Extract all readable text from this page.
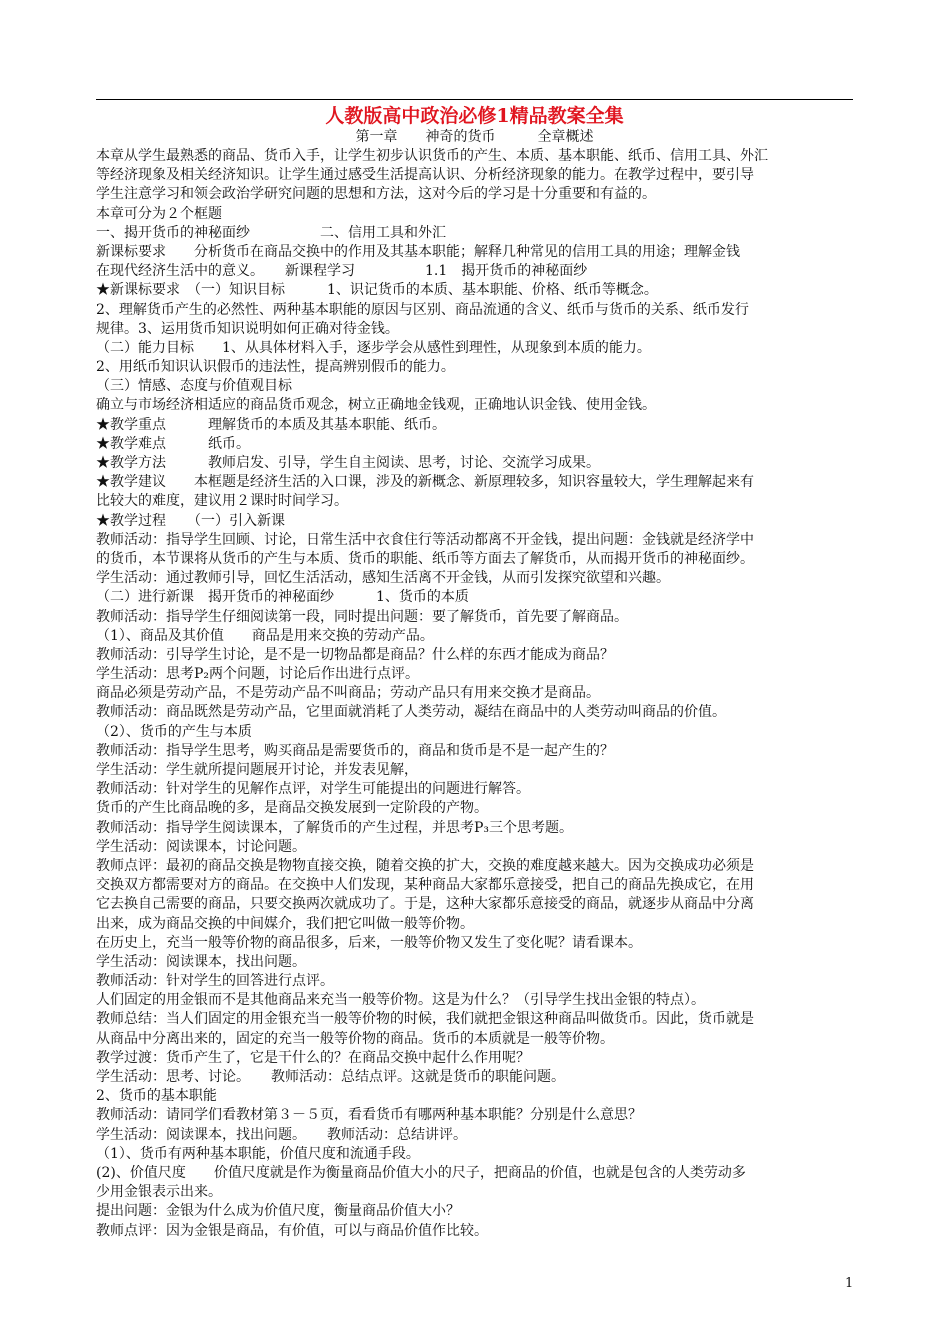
人教版高中政治必修1精品教案全集
第一章　　神奇的货币　　　全章概述
本章从学生最熟悉的商品、货币入手，让学生初步认识货币的产生、本质、基本职能、纸币、信用工具、外汇
等经济现象及相关经济知识。让学生通过感受生活提高认识、分析经济现象的能力。在教学过程中，要引导
学生注意学习和领会政治学研究问题的思想和方法，这对今后的学习是十分重要和有益的。
本章可分为２个框题
一、揭开货币的神秘面纱　　　　　二、信用工具和外汇
新课标要求　　分析货币在商品交换中的作用及其基本职能；解释几种常见的信用工具的用途；理解金钱
在现代经济生活中的意义。　　新课程学习　　　　　1.1　揭开货币的神秘面纱
★新课标要求　（一）知识目标　　　1、识记货币的本质、基本职能、价格、纸币等概念。
2、理解货币产生的必然性、两种基本职能的原因与区别、商品流通的含义、纸币与货币的关系、纸币发行
规律。3、运用货币知识说明如何正确对待金钱。
（二）能力目标　　1、从具体材料入手，逐步学会从感性到理性，从现象到本质的能力。
2、用纸币知识认识假币的违法性，提高辨别假币的能力。
（三）情感、态度与价值观目标
确立与市场经济相适应的商品货币观念，树立正确地金钱观，正确地认识金钱、使用金钱。
★教学重点　　　理解货币的本质及其基本职能、纸币。
★教学难点　　　纸币。
★教学方法　　　教师启发、引导，学生自主阅读、思考，讨论、交流学习成果。
★教学建议　　本框题是经济生活的入口课，涉及的新概念、新原理较多，知识容量较大，学生理解起来有
比较大的难度，建议用２课时时间学习。
★教学过程　　（一）引入新课
教师活动：指导学生回顾、讨论，日常生活中衣食住行等活动都离不开金钱，提出问题：金钱就是经济学中
的货币，本节课将从货币的产生与本质、货币的职能、纸币等方面去了解货币，从而揭开货币的神秘面纱。
学生活动：通过教师引导，回忆生活活动，感知生活离不开金钱，从而引发探究欲望和兴趣。
（二）进行新课　揭开货币的神秘面纱　　　1、货币的本质
教师活动：指导学生仔细阅读第一段，同时提出问题：要了解货币，首先要了解商品。
（1）、商品及其价值　　商品是用来交换的劳动产品。
教师活动：引导学生讨论，是不是一切物品都是商品？什么样的东西才能成为商品？
学生活动：思考P₂两个问题，讨论后作出进行点评。
商品必须是劳动产品，不是劳动产品不叫商品；劳动产品只有用来交换才是商品。
教师活动：商品既然是劳动产品，它里面就消耗了人类劳动，凝结在商品中的人类劳动叫商品的价值。
（2）、货币的产生与本质
教师活动：指导学生思考，购买商品是需要货币的，商品和货币是不是一起产生的？
学生活动：学生就所提问题展开讨论，并发表见解，
教师活动：针对学生的见解作点评，对学生可能提出的问题进行解答。
货币的产生比商品晚的多，是商品交换发展到一定阶段的产物。
教师活动：指导学生阅读课本，了解货币的产生过程，并思考P₃三个思考题。
学生活动：阅读课本，讨论问题。
教师点评：最初的商品交换是物物直接交换，随着交换的扩大，交换的难度越来越大。因为交换成功必须是
交换双方都需要对方的商品。在交换中人们发现，某种商品大家都乐意接受，把自己的商品先换成它，在用
它去换自己需要的商品，只要交换两次就成功了。于是，这种大家都乐意接受的商品，就逐步从商品中分离
出来，成为商品交换的中间媒介，我们把它叫做一般等价物。
在历史上，充当一般等价物的商品很多，后来，一般等价物又发生了变化呢？请看课本。
学生活动：阅读课本，找出问题。
教师活动：针对学生的回答进行点评。
人们固定的用金银而不是其他商品来充当一般等价物。这是为什么？（引导学生找出金银的特点）。
教师总结：当人们固定的用金银充当一般等价物的时候，我们就把金银这种商品叫做货币。因此，货币就是
从商品中分离出来的，固定的充当一般等价物的商品。货币的本质就是一般等价物。
教学过渡：货币产生了，它是干什么的？在商品交换中起什么作用呢？
学生活动：思考、讨论。　　教师活动：总结点评。这就是货币的职能问题。
2、货币的基本职能
教师活动：请同学们看教材第３－５页，看看货币有哪两种基本职能？分别是什么意思？
学生活动：阅读课本，找出问题。　　教师活动：总结讲评。
（1）、货币有两种基本职能，价值尺度和流通手段。
(2)、价值尺度　　价值尺度就是作为衡量商品价值大小的尺子，把商品的价值，也就是包含的人类劳动多
少用金银表示出来。
提出问题：金银为什么成为价值尺度，衡量商品价值大小？
教师点评：因为金银是商品，有价值，可以与商品价值作比较。
1
